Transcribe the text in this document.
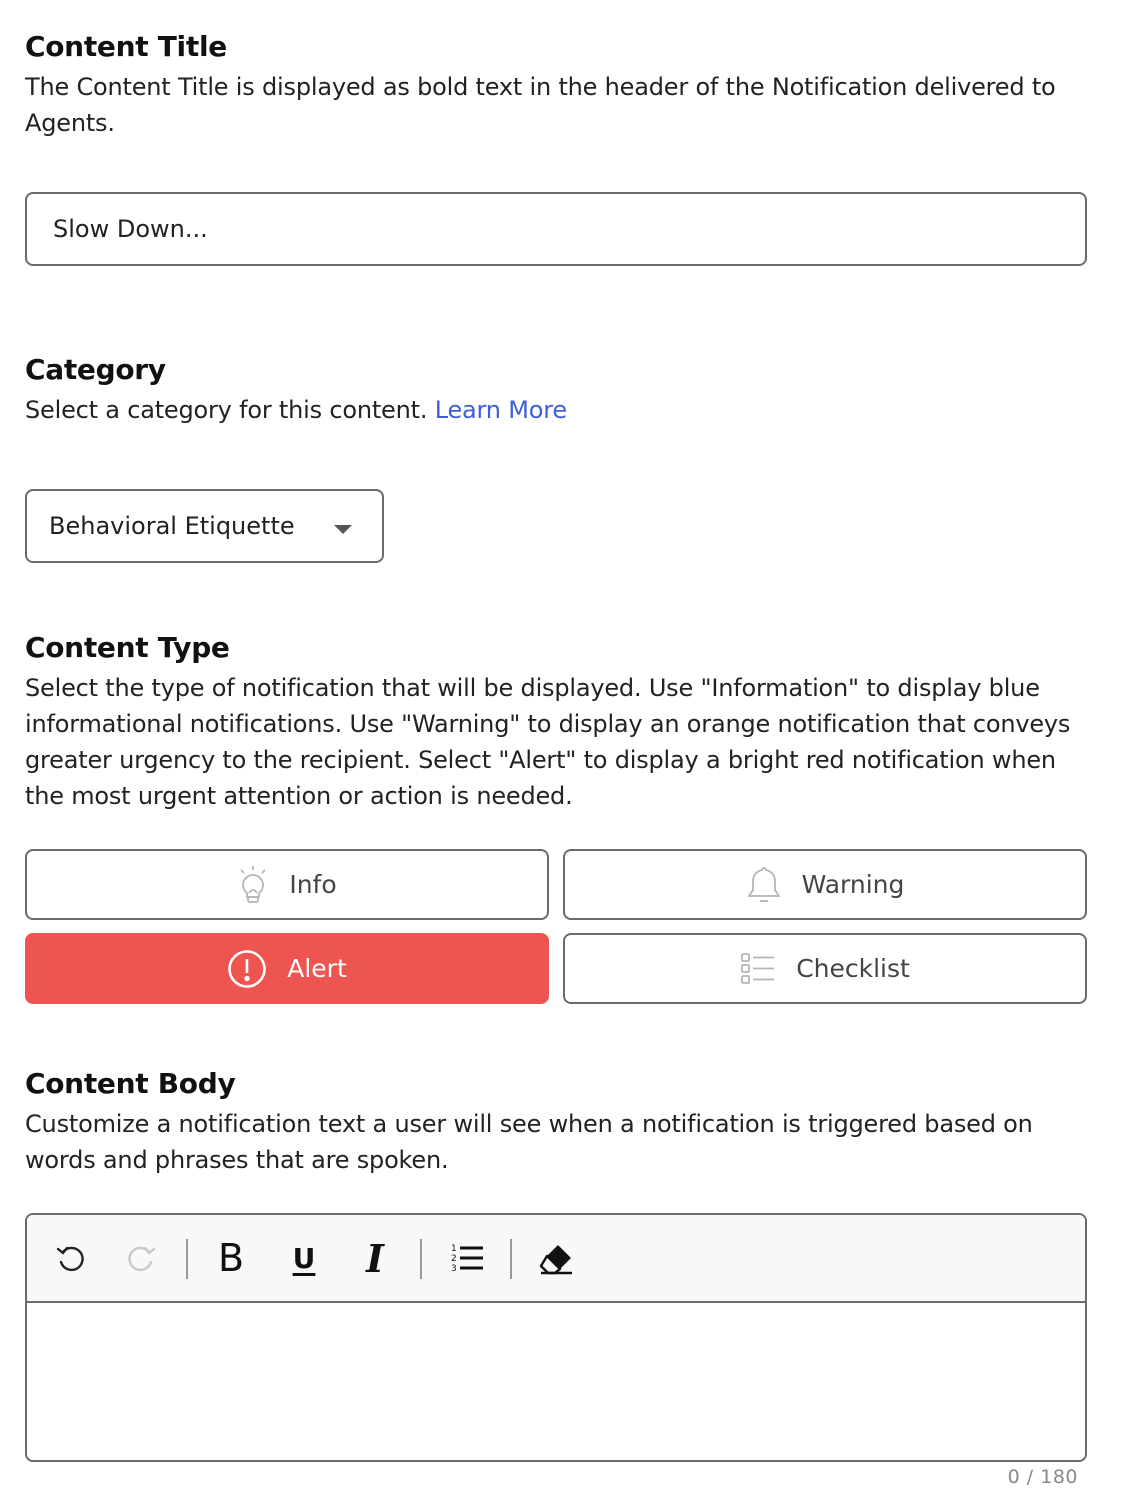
Content Title

The Content Title is displayed as bold text in the header of the Notification delivered to Agents.

Slow Down...
Category

Select a category for this content. Learn More

Behavioral Etiquette
Content Type

Select the type of notification that will be displayed. Use "Information" to display blue informational notifications. Use "Warning" to display an orange notification that conveys greater urgency to the recipient. Select "Alert" to display a bright red notification when the most urgent attention or action is needed.

Info	Warning
Alert	Checklist
Content Body

Customize a notification text a user will see when a notification is triggered based on words and phrases that are spoken.

B U I	1
2
3
0 / 180
